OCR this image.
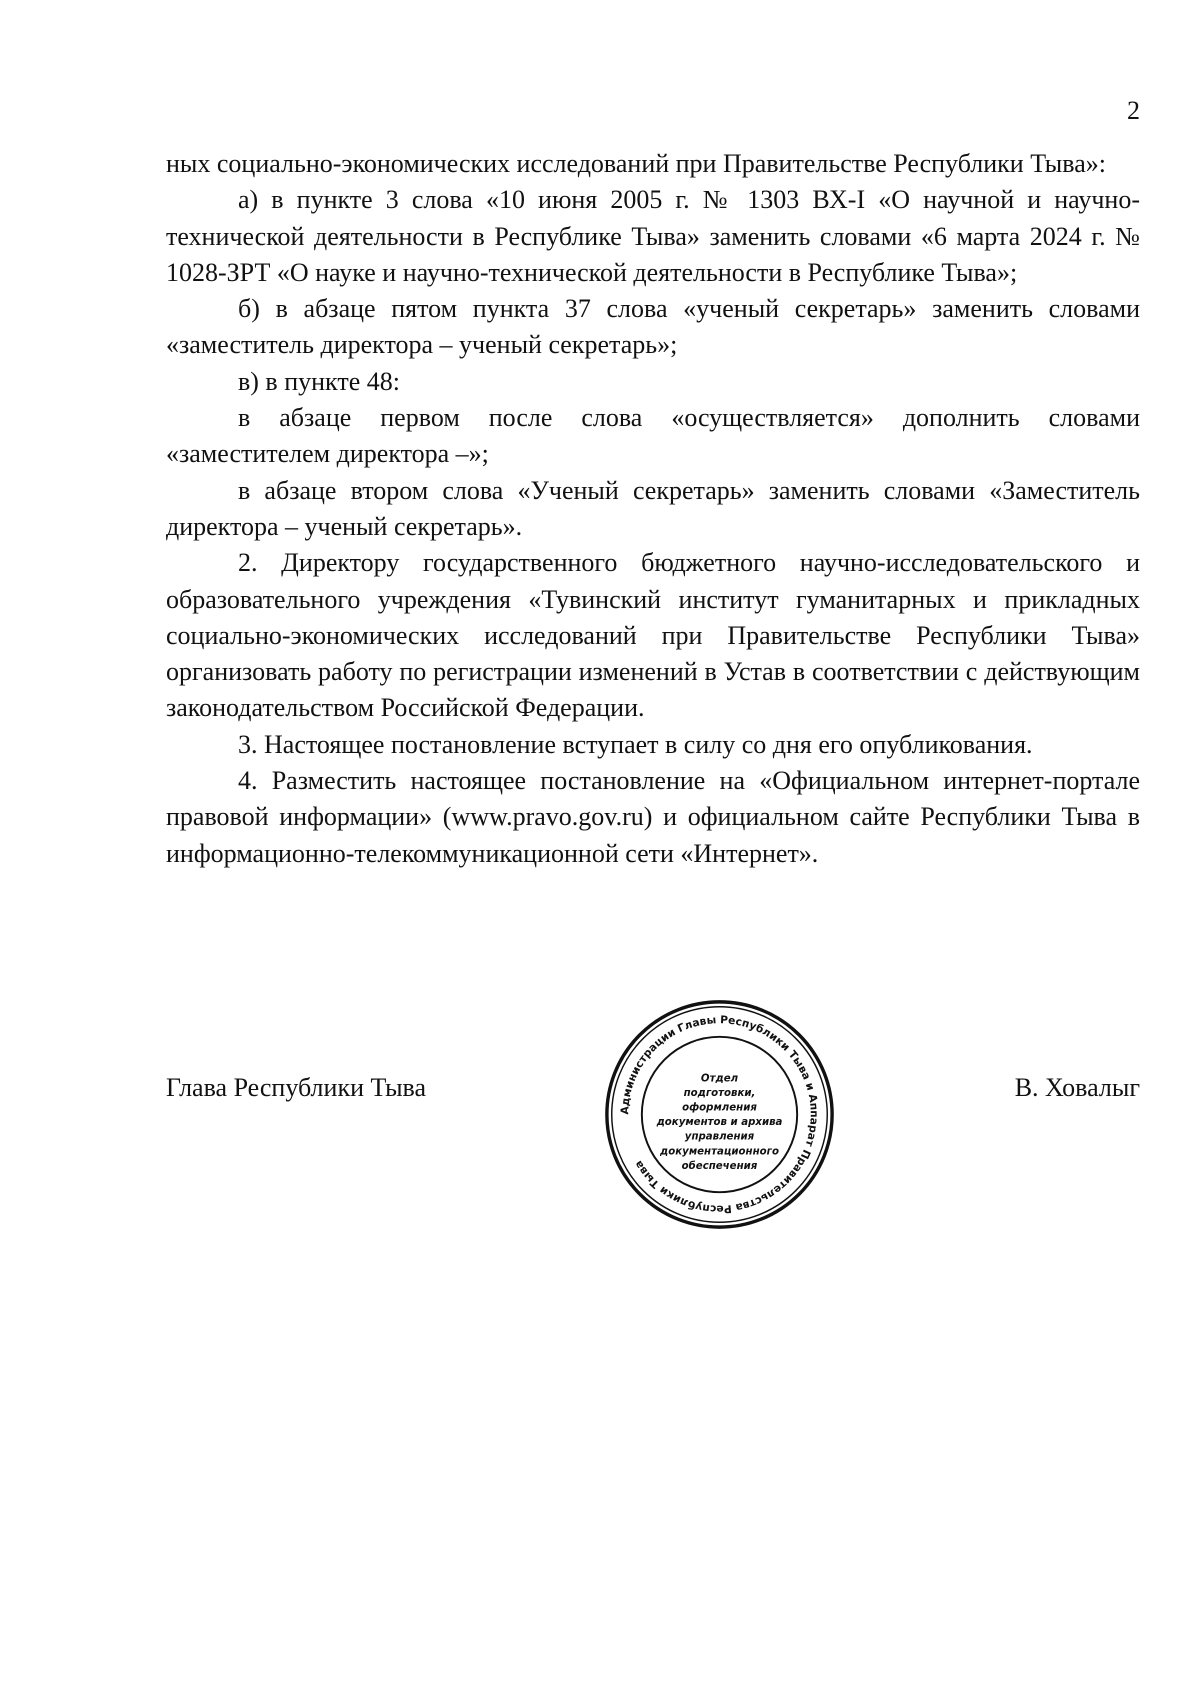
2

ных социально-экономических исследований при Правительстве Республики Тыва»:

а) в пункте 3 слова «10 июня 2005 г. № 1303 ВХ-I «О научной и научно-технической деятельности в Республике Тыва» заменить словами «6 марта 2024 г. № 1028-ЗРТ «О науке и научно-технической деятельности в Республике Тыва»;

б) в абзаце пятом пункта 37 слова «ученый секретарь» заменить словами «заместитель директора – ученый секретарь»;

в) в пункте 48:

в абзаце первом после слова «осуществляется» дополнить словами «заместителем директора –»;

в абзаце втором слова «Ученый секретарь» заменить словами «Заместитель директора – ученый секретарь».

2. Директору государственного бюджетного научно-исследовательского и образовательного учреждения «Тувинский институт гуманитарных и прикладных социально-экономических исследований при Правительстве Республики Тыва» организовать работу по регистрации изменений в Устав в соответствии с действующим законодательством Российской Федерации.

3. Настоящее постановление вступает в силу со дня его опубликования.

4. Разместить настоящее постановление на «Официальном интернет-портале правовой информации» (www.pravo.gov.ru) и официальном сайте Республики Тыва в информационно-телекоммуникационной сети «Интернет».

Глава Республики Тыва	В. Ховалыг
Администрации Главы Республики Тыва и Аппарат Правительства Республики Тыва
Отдел
подготовки,
оформления
документов и архива
управления
документационного
обеспечения
